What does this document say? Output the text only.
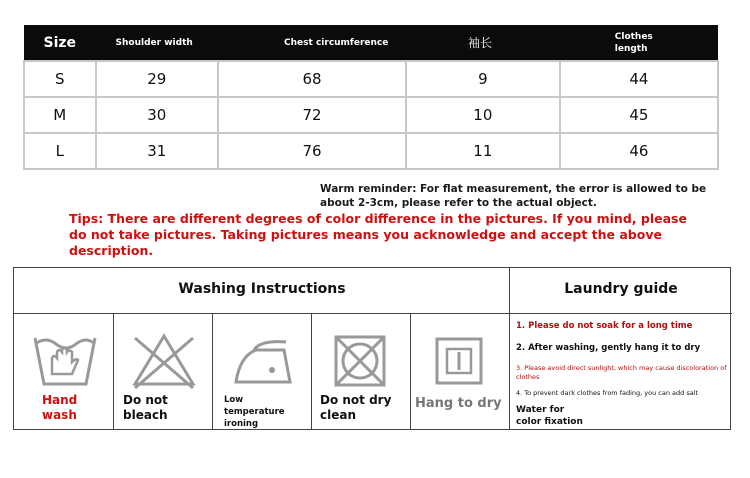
Size	Shoulder width	Chest circumference	袖长	Clothes length
S	29	68	9	44
M	30	72	10	45
L	31	76	11	46
Warm reminder: For flat measurement, the error is allowed to be about 2-3cm, please refer to the actual object.
Tips: There are different degrees of color difference in the pictures. If you mind, please do not take pictures. Taking pictures means you acknowledge and accept the above description.
Washing Instructions	Laundry guide
Hand wash
Do not bleach
Low temperature ironing
Do not dry clean
Hang to dry
1. Please do not soak for a long time
2. After washing, gently hang it to dry
3. Please avoid direct sunlight, which may cause discoloration of clothes
4. To prevent dark clothes from fading, you can add salt
Water for color fixation
